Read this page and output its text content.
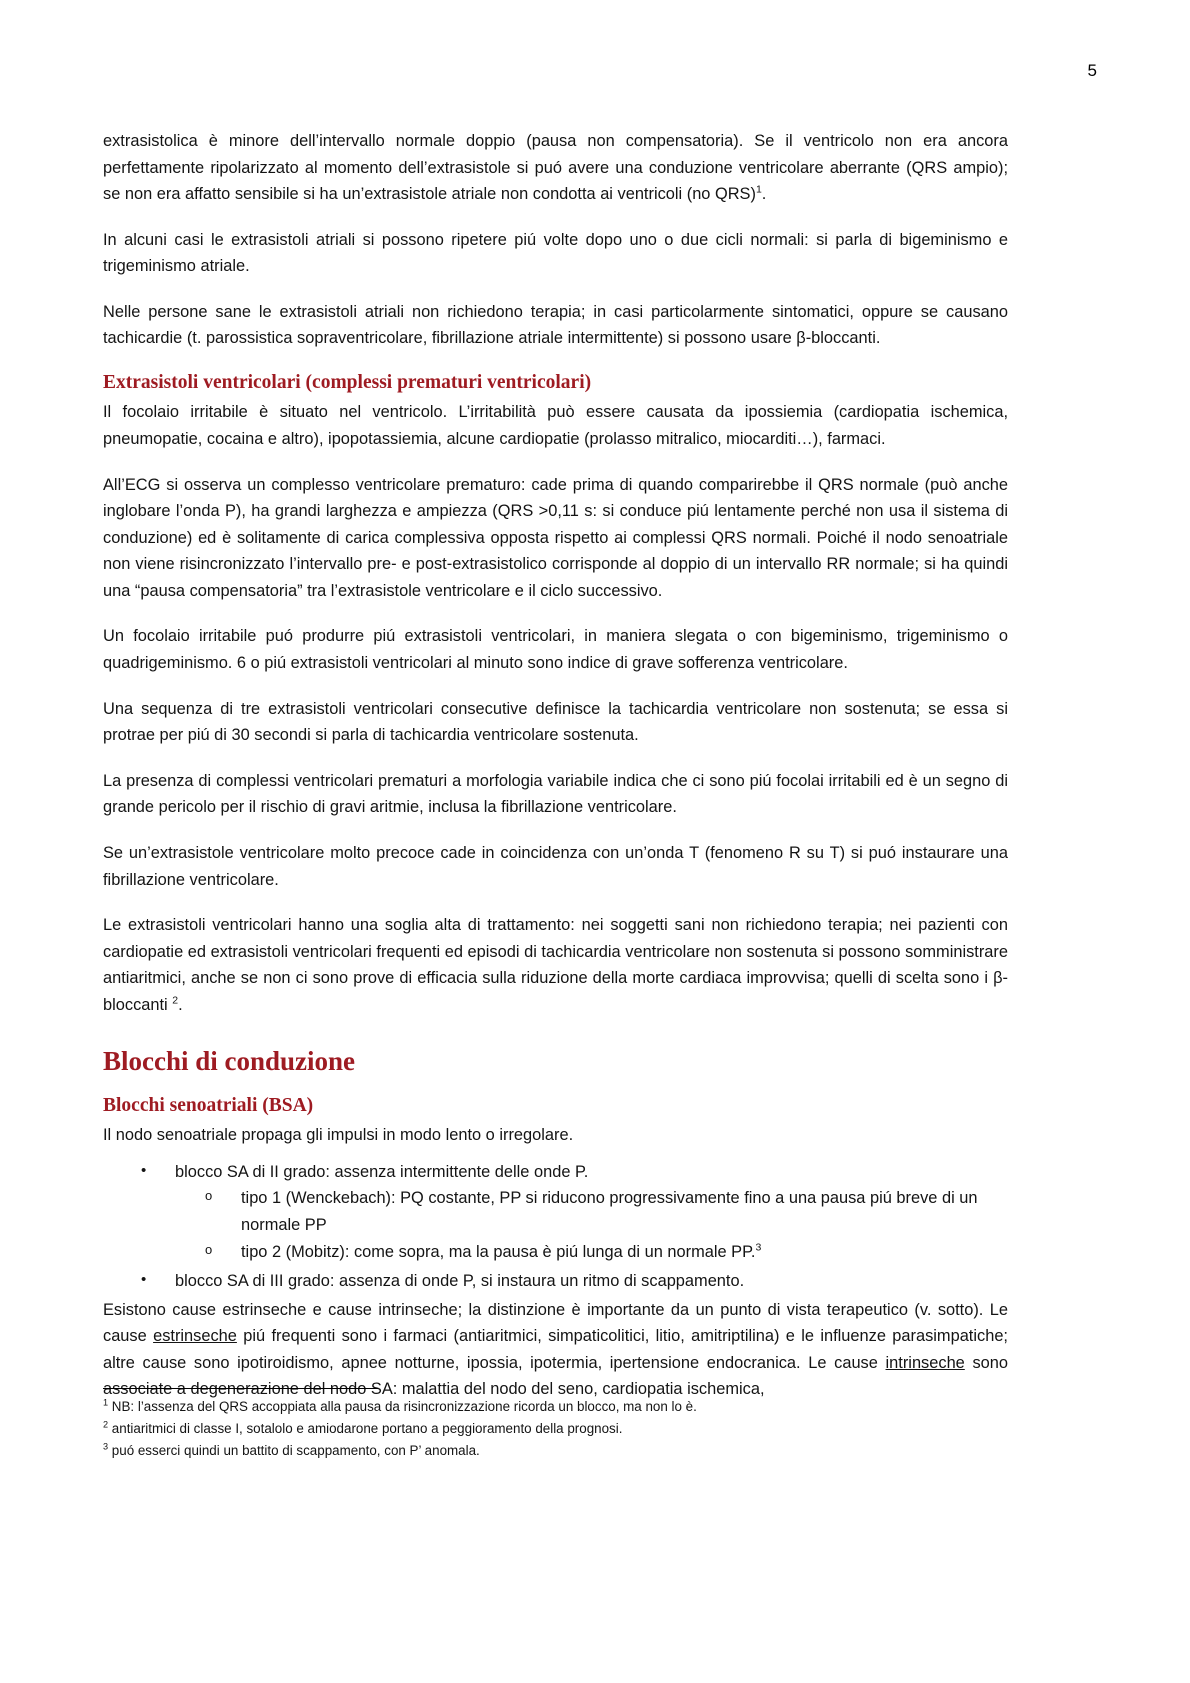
5

extrasistolica è minore dell’intervallo normale doppio (pausa non compensatoria). Se il ventricolo non era ancora perfettamente ripolarizzato al momento dell’extrasistole si puó avere una conduzione ventricolare aberrante (QRS ampio); se non era affatto sensibile si ha un’extrasistole atriale non condotta ai ventricoli (no QRS)$^1$.

In alcuni casi le extrasistoli atriali si possono ripetere piú volte dopo uno o due cicli normali: si parla di bigeminismo e trigeminismo atriale.

Nelle persone sane le extrasistoli atriali non richiedono terapia; in casi particolarmente sintomatici, oppure se causano tachicardie (t. parossistica sopraventricolare, fibrillazione atriale intermittente) si possono usare β-bloccanti.

Extrasistoli ventricolari (complessi prematuri ventricolari)

Il focolaio irritabile è situato nel ventricolo. L’irritabilità può essere causata da ipossiemia (cardiopatia ischemica, pneumopatie, cocaina e altro), ipopotassiemia, alcune cardiopatie (prolasso mitralico, miocarditi…), farmaci.

All’ECG si osserva un complesso ventricolare prematuro: cade prima di quando comparirebbe il QRS normale (può anche inglobare l’onda P), ha grandi larghezza e ampiezza (QRS >0,11 s: si conduce piú lentamente perché non usa il sistema di conduzione) ed è solitamente di carica complessiva opposta rispetto ai complessi QRS normali. Poiché il nodo senoatriale non viene risincronizzato l’intervallo pre- e post-extrasistolico corrisponde al doppio di un intervallo RR normale; si ha quindi una “pausa compensatoria” tra l’extrasistole ventricolare e il ciclo successivo.

Un focolaio irritabile puó produrre piú extrasistoli ventricolari, in maniera slegata o con bigeminismo, trigeminismo o quadrigeminismo. 6 o piú extrasistoli ventricolari al minuto sono indice di grave sofferenza ventricolare.

Una sequenza di tre extrasistoli ventricolari consecutive definisce la tachicardia ventricolare non sostenuta; se essa si protrae per piú di 30 secondi si parla di tachicardia ventricolare sostenuta.

La presenza di complessi ventricolari prematuri a morfologia variabile indica che ci sono piú focolai irritabili ed è un segno di grande pericolo per il rischio di gravi aritmie, inclusa la fibrillazione ventricolare.

Se un’extrasistole ventricolare molto precoce cade in coincidenza con un’onda T (fenomeno R su T) si puó instaurare una fibrillazione ventricolare.

Le extrasistoli ventricolari hanno una soglia alta di trattamento: nei soggetti sani non richiedono terapia; nei pazienti con cardiopatie ed extrasistoli ventricolari frequenti ed episodi di tachicardia ventricolare non sostenuta si possono somministrare antiaritmici, anche se non ci sono prove di efficacia sulla riduzione della morte cardiaca improvvisa; quelli di scelta sono i β-bloccanti $^2$.

Blocchi di conduzione
Blocchi senoatriali (BSA)

Il nodo senoatriale propaga gli impulsi in modo lento o irregolare.

• blocco SA di II grado: assenza intermittente delle onde P.
o tipo 1 (Wenckebach): PQ costante, PP si riducono progressivamente fino a una pausa piú breve di un normale PP
o tipo 2 (Mobitz): come sopra, ma la pausa è piú lunga di un normale PP.$^3$
• blocco SA di III grado: assenza di onde P, si instaura un ritmo di scappamento.

Esistono cause estrinseche e cause intrinseche; la distinzione è importante da un punto di vista terapeutico (v. sotto). Le cause estrinseche piú frequenti sono i farmaci (antiaritmici, simpaticolitici, litio, amitriptilina) e le influenze parasimpatiche; altre cause sono ipotiroidismo, apnee notturne, ipossia, ipotermia, ipertensione endocranica. Le cause intrinseche sono associate a degenerazione del nodo SA: malattia del nodo del seno, cardiopatia ischemica,

$^1$ NB: l’assenza del QRS accoppiata alla pausa da risincronizzazione ricorda un blocco, ma non lo è.

$^2$ antiaritmici di classe I, sotalolo e amiodarone portano a peggioramento della prognosi.

$^3$ puó esserci quindi un battito di scappamento, con P’ anomala.
